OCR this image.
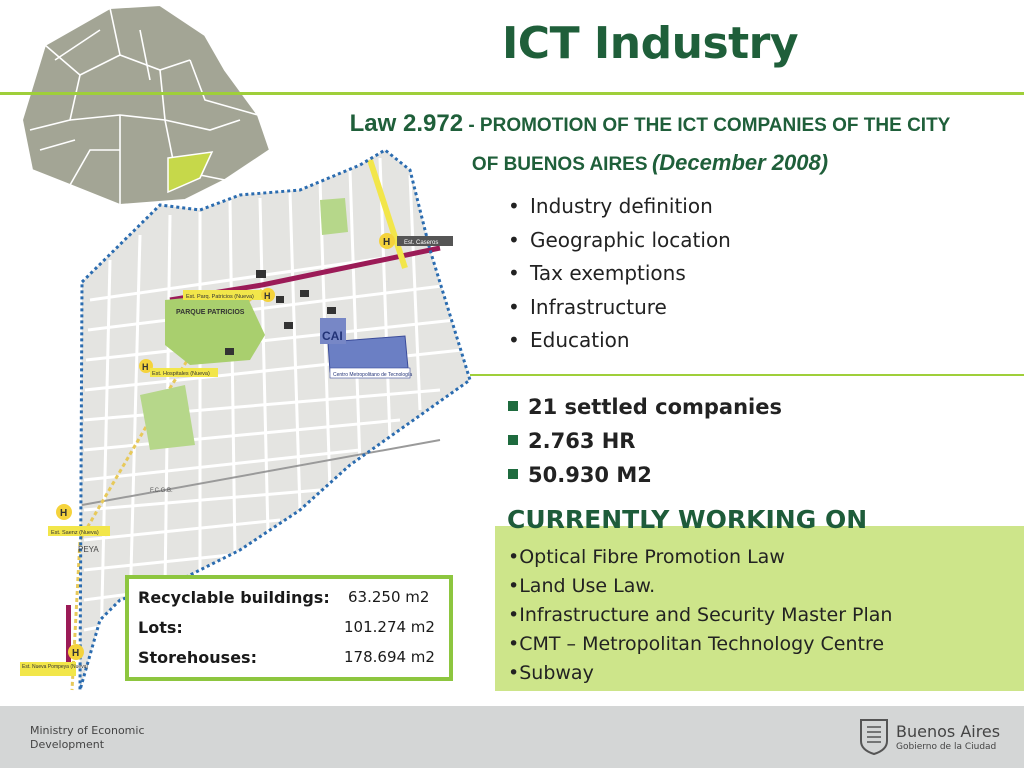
CAI
Centro Metropolitano de Tecnología
PARQUE PATRICIOS
F.C.G.B.
PEYA
H Est. Caseros
Est. Parq. Patricios (Nueva) H
H
Est. Hospitales (Nueva)
H
Est. Saenz (Nueva)
H
Est. Nueva Pompeya (Nueva)
ICT Industry
Law 2.972 - PROMOTION OF THE ICT COMPANIES OF THE CITY
OF BUENOS AIRES (December 2008)
• Industry definition
• Geographic location
• Tax exemptions
• Infrastructure
• Education
21 settled companies
2.763 HR
50.930 M2
CURRENTLY WORKING ON
• Optical Fibre Promotion Law
• Land Use Law.
• Infrastructure and Security Master Plan
• CMT – Metropolitan Technology Centre
• Subway
Recyclable buildings: 63.250 m2
Lots:	101.274 m2
Storehouses:	178.694 m2
Ministry of Economic
Development
Buenos Aires
Gobierno de la Ciudad
